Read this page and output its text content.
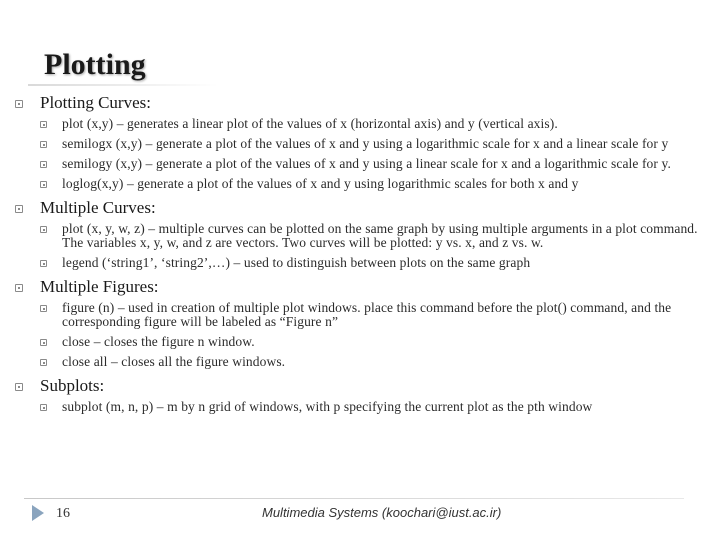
Plotting
Plotting Curves:
plot (x,y) – generates a linear plot of the values of x (horizontal axis) and y (vertical axis).
semilogx (x,y) – generate a plot of the values of x and y using a logarithmic scale for x and a linear scale for y
semilogy (x,y) – generate a plot of the values of x and y using a linear scale for x and a logarithmic scale for y.
loglog(x,y) – generate a plot of the values of x and y using logarithmic scales for both x and y
Multiple Curves:
plot (x, y, w, z) – multiple curves can be plotted on the same graph by using multiple arguments in a plot command. The variables x, y, w, and z are vectors. Two curves will be plotted: y vs. x, and z vs. w.
legend (‘string1’, ‘string2’,…) – used to distinguish between plots on the same graph
Multiple Figures:
figure (n) – used in creation of multiple plot windows. place this command before the plot() command, and the corresponding figure will be labeled as “Figure n”
close – closes the figure n window.
close all – closes all the figure windows.
Subplots:
subplot (m, n, p) – m by n grid of windows, with p specifying the current plot as the pth window
16	Multimedia Systems (koochari@iust.ac.ir)
